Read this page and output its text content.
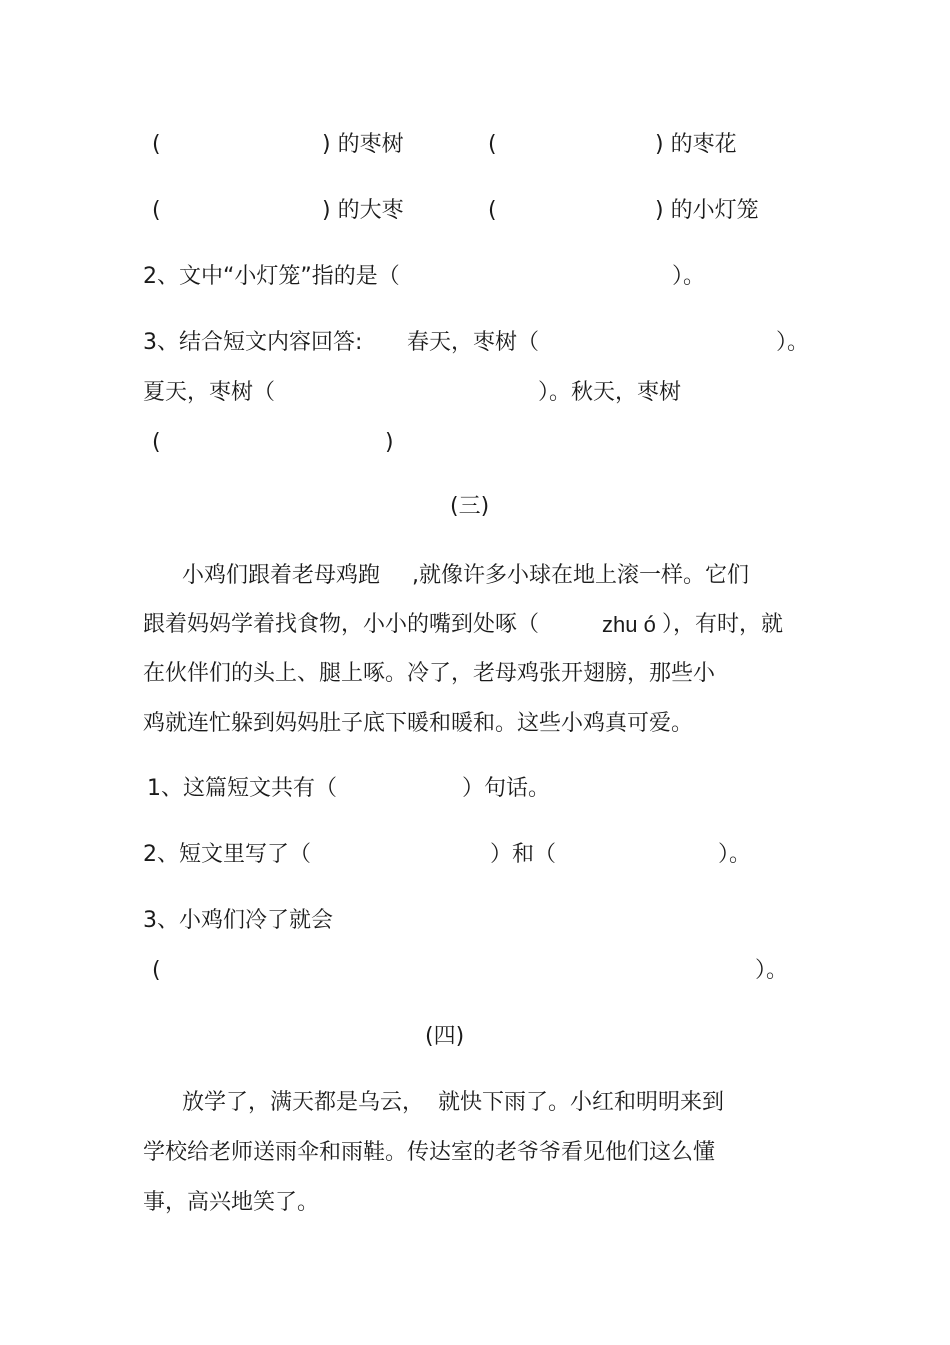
(	) 的枣树	(	) 的枣花
(	) 的大枣	(	) 的小灯笼
2、文中“小灯笼”指的是（	）。
3、结合短文内容回答: 春天，枣树（	）。
夏天，枣树（	）。秋天，枣树
(	)
(三)
小鸡们跟着老母鸡跑 ,就像许多小球在地上滚一样。它们
跟着妈妈学着找食物，小小的嘴到处啄（	zhu ó ），有时，就
在伙伴们的头上、腿上啄。冷了，老母鸡张开翅膀，那些小
鸡就连忙躲到妈妈肚子底下暖和暖和。这些小鸡真可爱。
1、这篇短文共有（	）句话。
2、短文里写了（	）和（	）。
3、小鸡们冷了就会
(	）。
(四)
放学了，满天都是乌云，  就快下雨了。小红和明明来到
学校给老师送雨伞和雨鞋。传达室的老爷爷看见他们这么懂
事，高兴地笑了。
